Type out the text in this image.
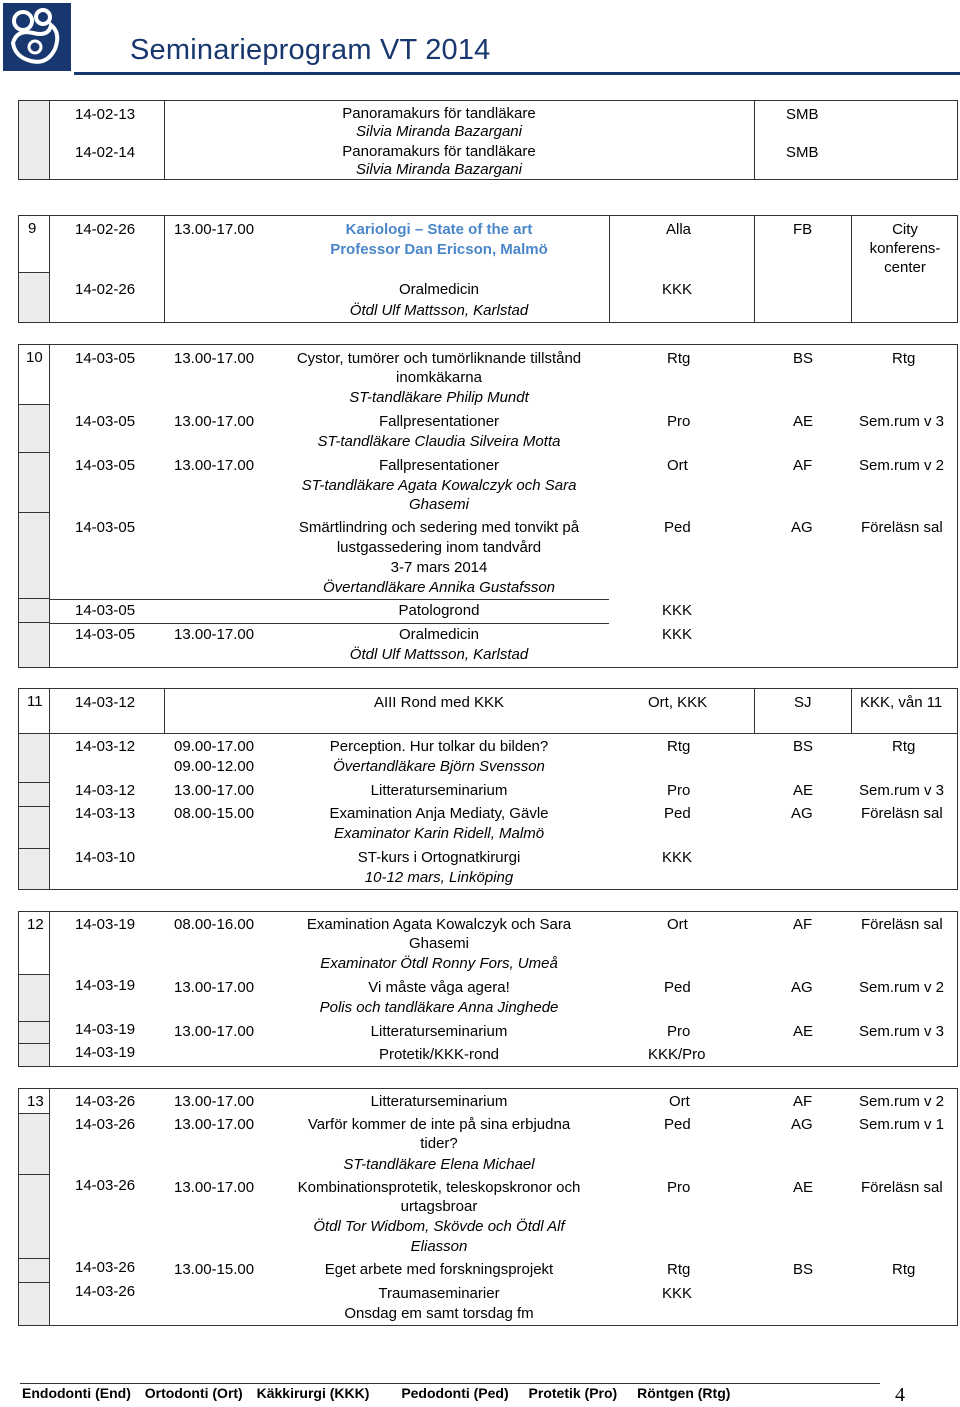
Seminarieprogram VT 2014
14-02-13	Panoramakurs för tandläkare
Silvia Miranda Bazargani
SMB
14-02-14	Panoramakurs för tandläkare
Silvia Miranda Bazargani
SMB
9	14-02-26	13.00-17.00	Kariologi – State of the art
Professor Dan Ericson, Malmö
Alla	FB	City
konferens-
center
14-02-26	Oralmedicin
Ötdl Ulf Mattsson, Karlstad
KKK
10 14-03-05	13.00-17.00	Cystor, tumörer och tumörliknande tillstånd
inomkäkarna
ST-tandläkare Philip Mundt
Rtg	BS	Rtg
14-03-05	13.00-17.00	Fallpresentationer
ST-tandläkare Claudia Silveira Motta
Pro	AE	Sem.rum v 3
14-03-05	13.00-17.00	Fallpresentationer
ST-tandläkare Agata Kowalczyk och Sara
Ghasemi
Ort	AF	Sem.rum v 2
14-03-05	Smärtlindring och sedering med tonvikt på
lustgassedering inom tandvård
3-7 mars 2014
Övertandläkare Annika Gustafsson
Ped	AG	Föreläsn sal
14-03-05	Patologrond	KKK
14-03-05	13.00-17.00	Oralmedicin
Ötdl Ulf Mattsson, Karlstad
KKK
11 14-03-12	AIII Rond med KKK	Ort, KKK	SJ	KKK, vån 11
14-03-12	09.00-17.00
09.00-12.00
Perception. Hur tolkar du bilden?
Övertandläkare Björn Svensson
Rtg	BS	Rtg
14-03-12	13.00-17.00	Litteraturseminarium	Pro	AE	Sem.rum v 3
14-03-13	08.00-15.00	Examination Anja Mediaty, Gävle
Examinator Karin Ridell, Malmö
Ped	AG	Föreläsn sal
14-03-10	ST-kurs i Ortognatkirurgi
10-12 mars, Linköping
KKK
12 14-03-19	08.00-16.00	Examination Agata Kowalczyk och Sara
Ghasemi
Examinator Ötdl Ronny Fors, Umeå
Ort	AF	Föreläsn sal
14-03-19	13.00-17.00	Vi måste våga agera!
Polis och tandläkare Anna Jinghede
Ped	AG	Sem.rum v 2
14-03-19	13.00-17.00	Litteraturseminarium	Pro	AE	Sem.rum v 3
14-03-19	Protetik/KKK-rond	KKK/Pro
13 14-03-26	13.00-17.00	Litteraturseminarium	Ort	AF	Sem.rum v 2
14-03-26	13.00-17.00	Varför kommer de inte på sina erbjudna
tider?
ST-tandläkare Elena Michael
Ped	AG	Sem.rum v 1
14-03-26	13.00-17.00	Kombinationsprotetik, teleskopskronor och
urtagsbroar
Ötdl Tor Widbom, Skövde och Ötdl Alf
Eliasson
Pro	AE	Föreläsn sal
14-03-26	13.00-15.00	Eget arbete med forskningsprojekt	Rtg	BS	Rtg
14-03-26	Traumaseminarier
Onsdag em samt torsdag fm
KKK
Endodonti (End) Ortodonti (Ort) Käkkirurgi (KKK) Pedodonti (Ped) Protetik (Pro) Röntgen (Rtg)	4
